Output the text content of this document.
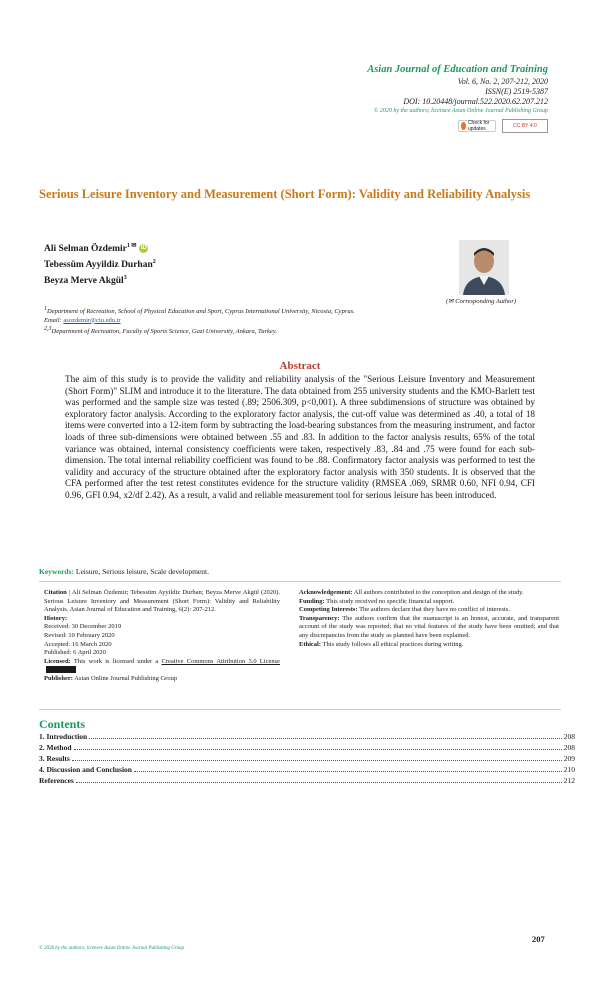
Asian Journal of Education and Training
Vol. 6, No. 2, 207-212, 2020
ISSN(E) 2519-5387
DOI: 10.20448/journal.522.2020.62.207.212
© 2020 by the authors; licensee Asian Online Journal Publishing Group
Check for updates	CC BY 4.0
Serious Leisure Inventory and Measurement (Short Form): Validity and Reliability Analysis
Ali Selman Özdemir$^{1 ✉}$ iD
Tebessüm Ayyildiz Durhan$^2$
Beyza Merve Akgül$^3$
(✉ Corresponding Author)
$^1$Department of Recreation, School of Physical Education and Sport, Cyprus International University, Nicosia, Cyprus.
Email: asozdemir@ciu.edu.tr
$^{2,3}$Department of Recreation, Faculty of Sports Science, Gazi University, Ankara, Turkey.
Abstract
The aim of this study is to provide the validity and reliability analysis of the "Serious Leisure Inventory and Measurement (Short Form)" SLIM and introduce it to the literature. The data obtained from 255 university students and the KMO-Barlett test was performed and the sample size was tested (.89; 2506.309, p<0,001). A three subdimensions of structure was obtained by exploratory factor analysis. According to the exploratory factor analysis, the cut-off value was determined as .40, a total of 18 items were converted into a 12-item form by subtracting the load-bearing substances from the measuring instrument, and factor loads of three sub-dimensions were obtained between .55 and .83. In addition to the factor analysis results, 65% of the total variance was obtained, internal consistency coefficients were taken, respectively .83, .84 and .75 were found for each sub-dimension. The total internal reliability coefficient was found to be .88. Confirmatory factor analysis was performed to test the validity and accuracy of the structure obtained after the exploratory factor analysis with 350 students. It is observed that the CFA performed after the test retest constitutes evidence for the structure validity (RMSEA .069, SRMR 0.60, NFI 0.94, CFI 0.96, GFI 0.94, x2/df 2.42). As a result, a valid and reliable measurement tool for serious leisure has been introduced.
Keywords: Leisure, Serious leisure, Scale development.
Citation | Ali Selman Özdemir; Tebessüm Ayyildiz Durhan; Beyza Merve Akgül (2020). Serious Leisure Inventory and Measurement (Short Form): Validity and Reliability Analysis. Asian Journal of Education and Training, 6(2): 207-212.
History:
Received: 30 December 2019
Revised: 10 February 2020
Accepted: 16 March 2020
Published: 6 April 2020
Licensed: This work is licensed under a Creative Commons Attribution 3.0 License
Publisher: Asian Online Journal Publishing Group
Acknowledgement: All authors contributed to the conception and design of the study.
Funding: This study received no specific financial support.
Competing Interests: The authors declare that they have no conflict of interests.
Transparency: The authors confirm that the manuscript is an honest, accurate, and transparent account of the study was reported; that no vital features of the study have been omitted; and that any discrepancies from the study as planned have been explained.
Ethical: This study follows all ethical practices during writing.
Contents
1. Introduction	208
2. Method	208
3. Results	209
4. Discussion and Conclusion	210
References	212
207
© 2020 by the authors; licensee Asian Online Journal Publishing Group
